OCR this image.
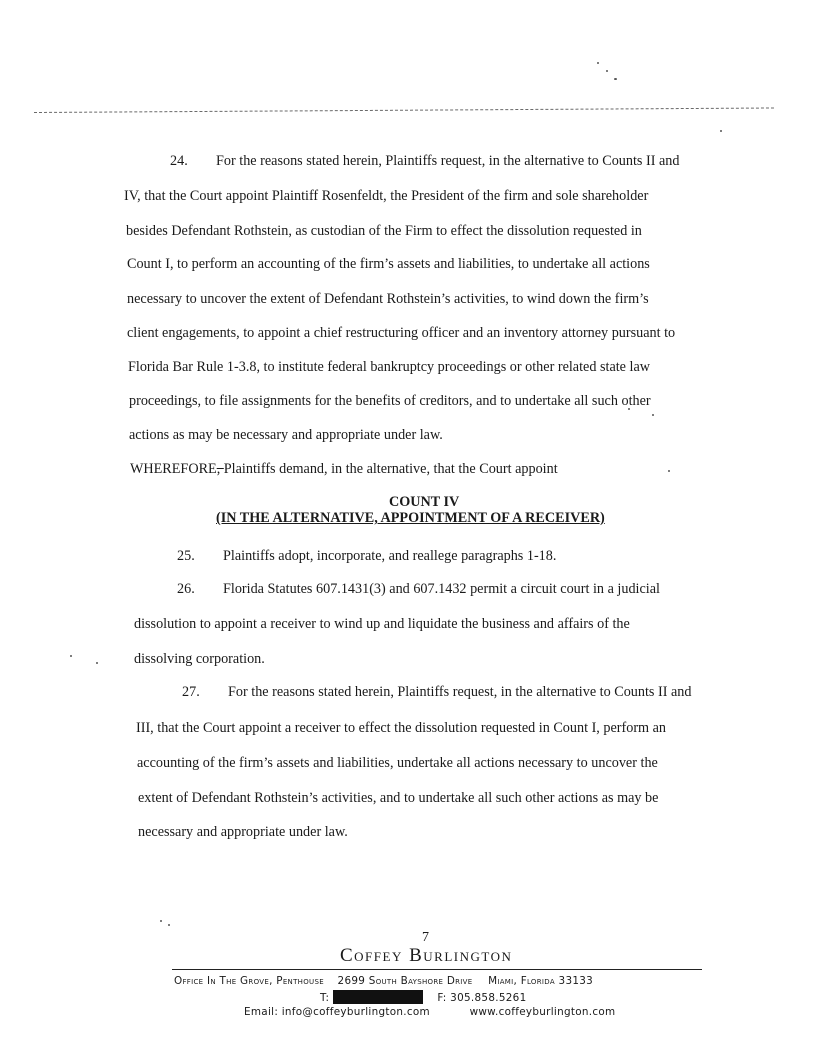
24. For the reasons stated herein, Plaintiffs request, in the alternative to Counts II and
IV, that the Court appoint Plaintiff Rosenfeldt, the President of the firm and sole shareholder
besides Defendant Rothstein, as custodian of the Firm to effect the dissolution requested in
Count I, to perform an accounting of the firm’s assets and liabilities, to undertake all actions
necessary to uncover the extent of Defendant Rothstein’s activities, to wind down the firm’s
client engagements, to appoint a chief restructuring officer and an inventory attorney pursuant to
Florida Bar Rule 1-3.8, to institute federal bankruptcy proceedings or other related state law
proceedings, to file assignments for the benefits of creditors, and to undertake all such other
actions as may be necessary and appropriate under law.
WHEREFORE, Plaintiffs demand, in the alternative, that the Court appoint
COUNT IV
(IN THE ALTERNATIVE, APPOINTMENT OF A RECEIVER)
25. Plaintiffs adopt, incorporate, and reallege paragraphs 1-18.
26. Florida Statutes 607.1431(3) and 607.1432 permit a circuit court in a judicial
dissolution to appoint a receiver to wind up and liquidate the business and affairs of the
dissolving corporation.
27. For the reasons stated herein, Plaintiffs request, in the alternative to Counts II and
III, that the Court appoint a receiver to effect the dissolution requested in Count I, perform an
accounting of the firm’s assets and liabilities, undertake all actions necessary to uncover the
extent of Defendant Rothstein’s activities, and to undertake all such other actions as may be
necessary and appropriate under law.
7
Coffey Burlington
Office In The Grove, Penthouse 2699 South Bayshore Drive Miami, Florida 33133
T:	F: 305.858.5261
Email: info@coffeyburlington.com	www.coffeyburlington.com
